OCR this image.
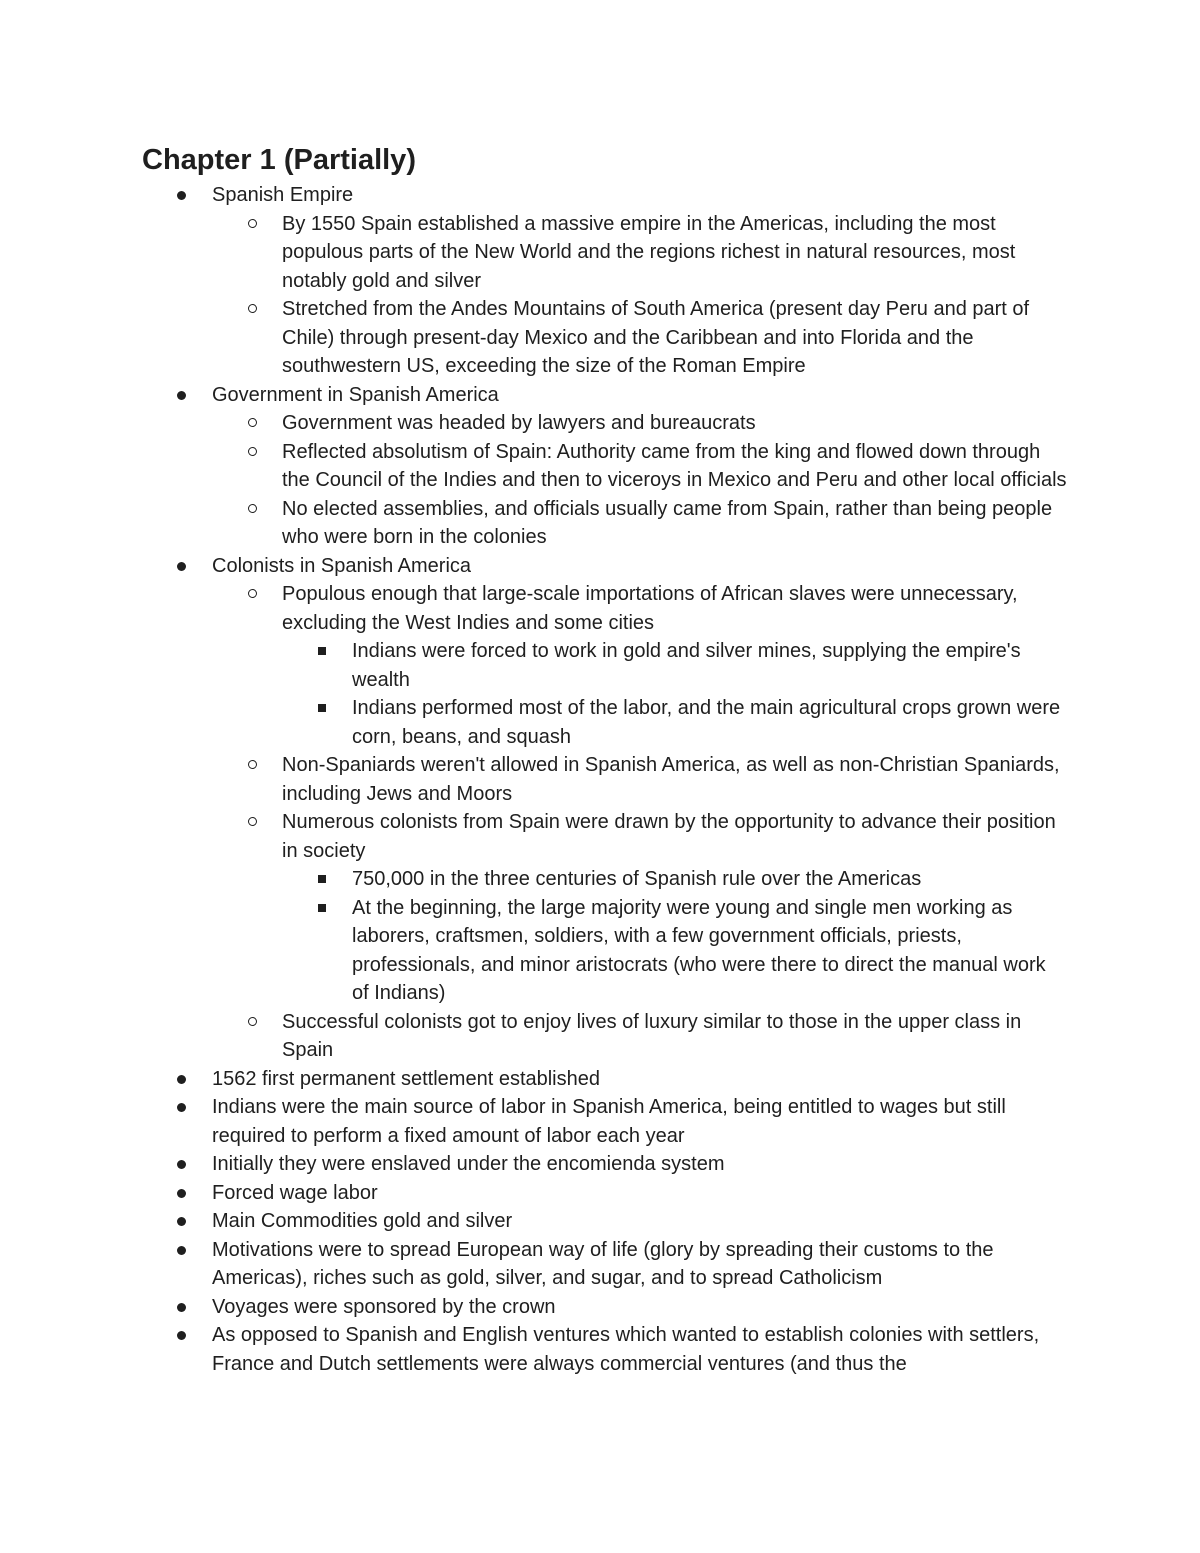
Chapter 1 (Partially)
Spanish Empire
By 1550 Spain established a massive empire in the Americas, including the most populous parts of the New World and the regions richest in natural resources, most notably gold and silver
Stretched from the Andes Mountains of South America (present day Peru and part of Chile) through present-day Mexico and the Caribbean and into Florida and the southwestern US, exceeding the size of the Roman Empire
Government in Spanish America
Government was headed by lawyers and bureaucrats
Reflected absolutism of Spain: Authority came from the king and flowed down through the Council of the Indies and then to viceroys in Mexico and Peru and other local officials
No elected assemblies, and officials usually came from Spain, rather than being people who were born in the colonies
Colonists in Spanish America
Populous enough that large-scale importations of African slaves were unnecessary, excluding the West Indies and some cities
Indians were forced to work in gold and silver mines, supplying the empire's wealth
Indians performed most of the labor, and the main agricultural crops grown were corn, beans, and squash
Non-Spaniards weren't allowed in Spanish America, as well as non-Christian Spaniards, including Jews and Moors
Numerous colonists from Spain were drawn by the opportunity to advance their position in society
750,000 in the three centuries of Spanish rule over the Americas
At the beginning, the large majority were young and single men working as laborers, craftsmen, soldiers, with a few government officials, priests, professionals, and minor aristocrats (who were there to direct the manual work of Indians)
Successful colonists got to enjoy lives of luxury similar to those in the upper class in Spain
1562 first permanent settlement established
Indians were the main source of labor in Spanish America, being entitled to wages but still required to perform a fixed amount of labor each year
Initially they were enslaved under the encomienda system
Forced wage labor
Main Commodities gold and silver
Motivations were to spread European way of life (glory by spreading their customs to the Americas), riches such as gold, silver, and sugar, and to spread Catholicism
Voyages were sponsored by the crown
As opposed to Spanish and English ventures which wanted to establish colonies with settlers, France and Dutch settlements were always commercial ventures (and thus the
